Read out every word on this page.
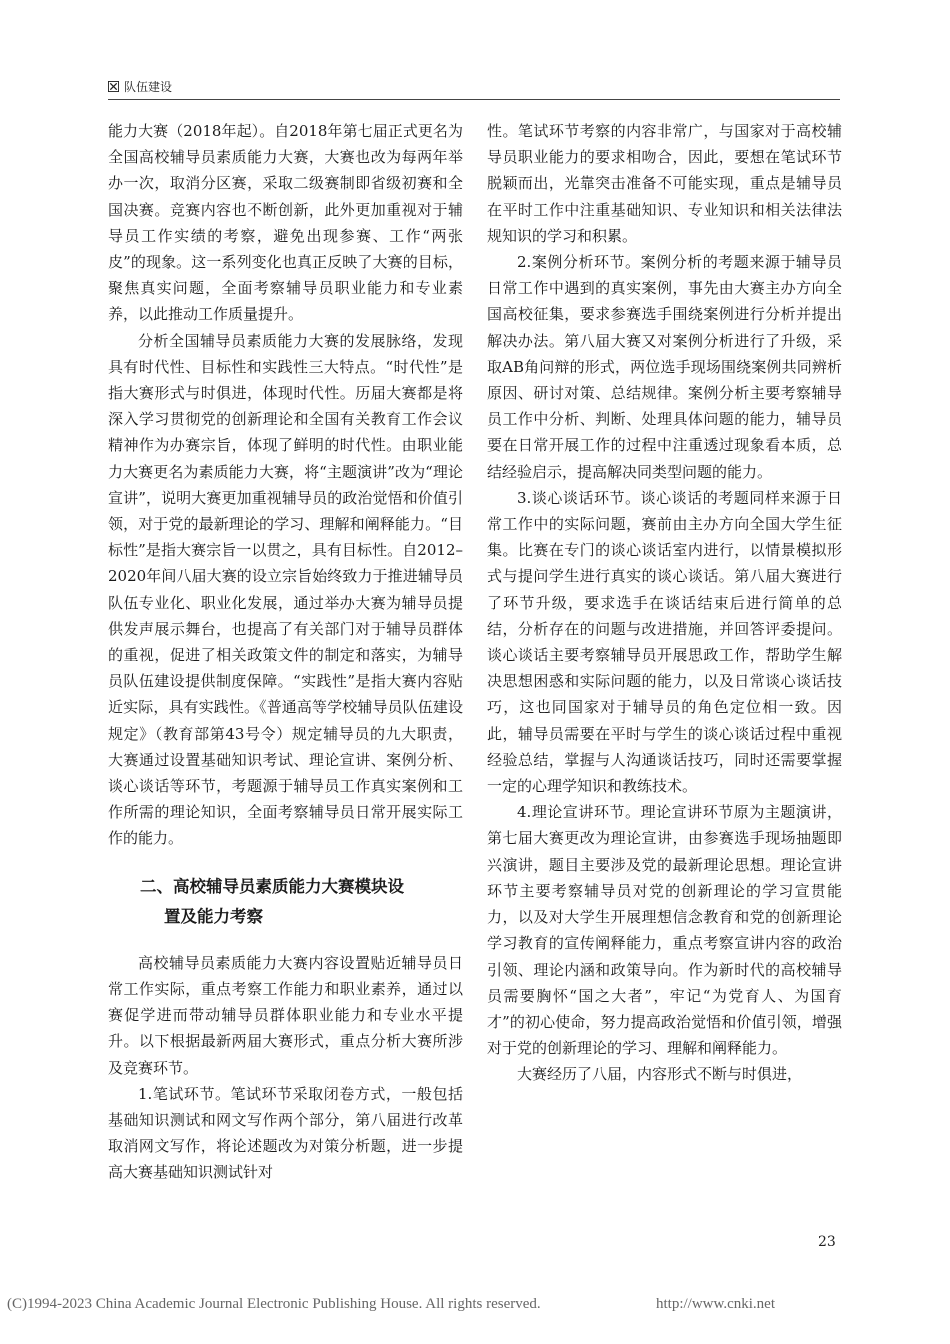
队伍建设

能力大赛（2018年起）。自2018年第七届正式更名为全国高校辅导员素质能力大赛，大赛也改为每两年举办一次，取消分区赛，采取二级赛制即省级初赛和全国决赛。竞赛内容也不断创新，此外更加重视对于辅导员工作实绩的考察，避免出现参赛、工作“两张皮”的现象。这一系列变化也真正反映了大赛的目标，聚焦真实问题，全面考察辅导员职业能力和专业素养，以此推动工作质量提升。

分析全国辅导员素质能力大赛的发展脉络，发现具有时代性、目标性和实践性三大特点。“时代性”是指大赛形式与时俱进，体现时代性。历届大赛都是将深入学习贯彻党的创新理论和全国有关教育工作会议精神作为办赛宗旨，体现了鲜明的时代性。由职业能力大赛更名为素质能力大赛，将“主题演讲”改为“理论宣讲”，说明大赛更加重视辅导员的政治觉悟和价值引领，对于党的最新理论的学习、理解和阐释能力。“目标性”是指大赛宗旨一以贯之，具有目标性。自2012–2020年间八届大赛的设立宗旨始终致力于推进辅导员队伍专业化、职业化发展，通过举办大赛为辅导员提供发声展示舞台，也提高了有关部门对于辅导员群体的重视，促进了相关政策文件的制定和落实，为辅导员队伍建设提供制度保障。“实践性”是指大赛内容贴近实际，具有实践性。《普通高等学校辅导员队伍建设规定》（教育部第43号令）规定辅导员的九大职责，大赛通过设置基础知识考试、理论宣讲、案例分析、谈心谈话等环节，考题源于辅导员工作真实案例和工作所需的理论知识，全面考察辅导员日常开展实际工作的能力。

二、高校辅导员素质能力大赛模块设
置及能力考察

高校辅导员素质能力大赛内容设置贴近辅导员日常工作实际，重点考察工作能力和职业素养，通过以赛促学进而带动辅导员群体职业能力和专业水平提升。以下根据最新两届大赛形式，重点分析大赛所涉及竞赛环节。

1.笔试环节。笔试环节采取闭卷方式，一般包括基础知识测试和网文写作两个部分，第八届进行改革取消网文写作，将论述题改为对策分析题，进一步提高大赛基础知识测试针对

性。笔试环节考察的内容非常广，与国家对于高校辅导员职业能力的要求相吻合，因此，要想在笔试环节脱颖而出，光靠突击准备不可能实现，重点是辅导员在平时工作中注重基础知识、专业知识和相关法律法规知识的学习和积累。

2.案例分析环节。案例分析的考题来源于辅导员日常工作中遇到的真实案例，事先由大赛主办方向全国高校征集，要求参赛选手围绕案例进行分析并提出解决办法。第八届大赛又对案例分析进行了升级，采取AB角问辩的形式，两位选手现场围绕案例共同辨析原因、研讨对策、总结规律。案例分析主要考察辅导员工作中分析、判断、处理具体问题的能力，辅导员要在日常开展工作的过程中注重透过现象看本质，总结经验启示，提高解决同类型问题的能力。

3.谈心谈话环节。谈心谈话的考题同样来源于日常工作中的实际问题，赛前由主办方向全国大学生征集。比赛在专门的谈心谈话室内进行，以情景模拟形式与提问学生进行真实的谈心谈话。第八届大赛进行了环节升级，要求选手在谈话结束后进行简单的总结，分析存在的问题与改进措施，并回答评委提问。谈心谈话主要考察辅导员开展思政工作，帮助学生解决思想困惑和实际问题的能力，以及日常谈心谈话技巧，这也同国家对于辅导员的角色定位相一致。因此，辅导员需要在平时与学生的谈心谈话过程中重视经验总结，掌握与人沟通谈话技巧，同时还需要掌握一定的心理学知识和教练技术。

4.理论宣讲环节。理论宣讲环节原为主题演讲，第七届大赛更改为理论宣讲，由参赛选手现场抽题即兴演讲，题目主要涉及党的最新理论思想。理论宣讲环节主要考察辅导员对党的创新理论的学习宣贯能力，以及对大学生开展理想信念教育和党的创新理论学习教育的宣传阐释能力，重点考察宣讲内容的政治引领、理论内涵和政策导向。作为新时代的高校辅导员需要胸怀“国之大者”，牢记“为党育人、为国育才”的初心使命，努力提高政治觉悟和价值引领，增强对于党的创新理论的学习、理解和阐释能力。

大赛经历了八届，内容形式不断与时俱进，

23
(C)1994-2023 China Academic Journal Electronic Publishing House. All rights reserved.	http://www.cnki.net
